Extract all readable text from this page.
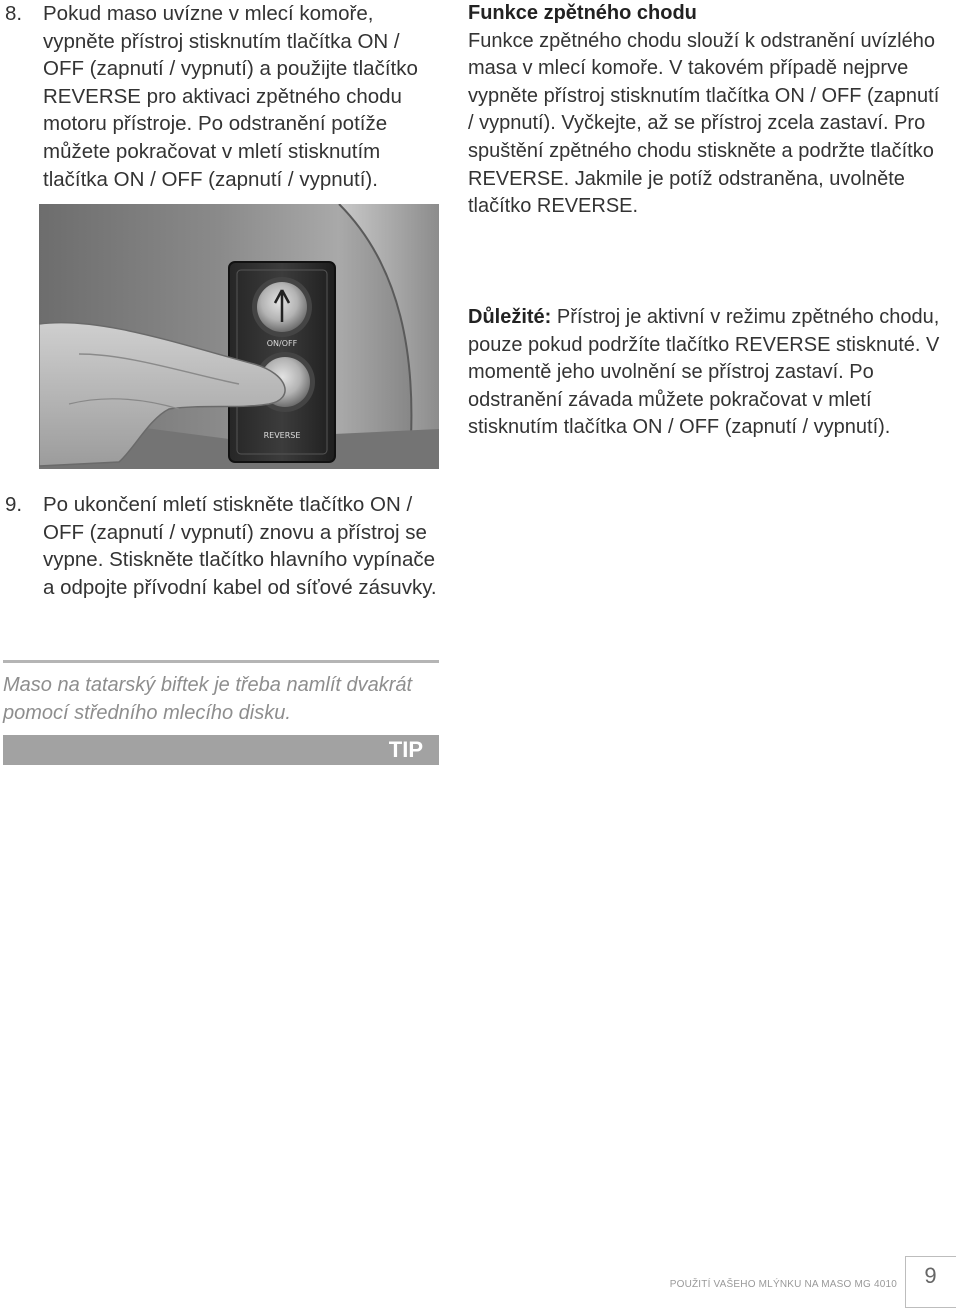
8. Pokud maso uvízne v mlecí komoře, vypněte přístroj stisknutím tlačítka ON / OFF (zapnutí / vypnutí) a použijte tlačítko REVERSE pro aktivaci zpětného chodu motoru přístroje. Po odstranění potíže můžete pokračovat v mletí stisknutím tlačítka ON / OFF (zapnutí / vypnutí).
ON/OFF
REVERSE
9. Po ukončení mletí stiskněte tlačítko ON / OFF (zapnutí / vypnutí) znovu a přístroj se vypne. Stiskněte tlačítko hlavního vypínače a odpojte přívodní kabel od síťové zásuvky.
Funkce zpětného chodu
Funkce zpětného chodu slouží k odstranění uvízlého masa v mlecí komoře. V takovém případě nejprve vypněte přístroj stisknutím tlačítka ON / OFF (zapnutí / vypnutí). Vyčkejte, až se přístroj zcela zastaví. Pro spuštění zpětného chodu stiskněte a podržte tlačítko REVERSE. Jakmile je potíž odstraněna, uvolněte tlačítko REVERSE.
Důležité: Přístroj je aktivní v režimu zpětného chodu, pouze pokud podržíte tlačítko REVERSE stisknuté. V momentě jeho uvolnění se přístroj zastaví. Po odstranění závada můžete pokračovat v mletí stisknutím tlačítka ON / OFF (zapnutí / vypnutí).
Maso na tatarský biftek je třeba namlít dvakrát pomocí středního mlecího disku.
TIP
POUŽITÍ VAŠEHO MLÝNKU NA MASO MG 4010	9
